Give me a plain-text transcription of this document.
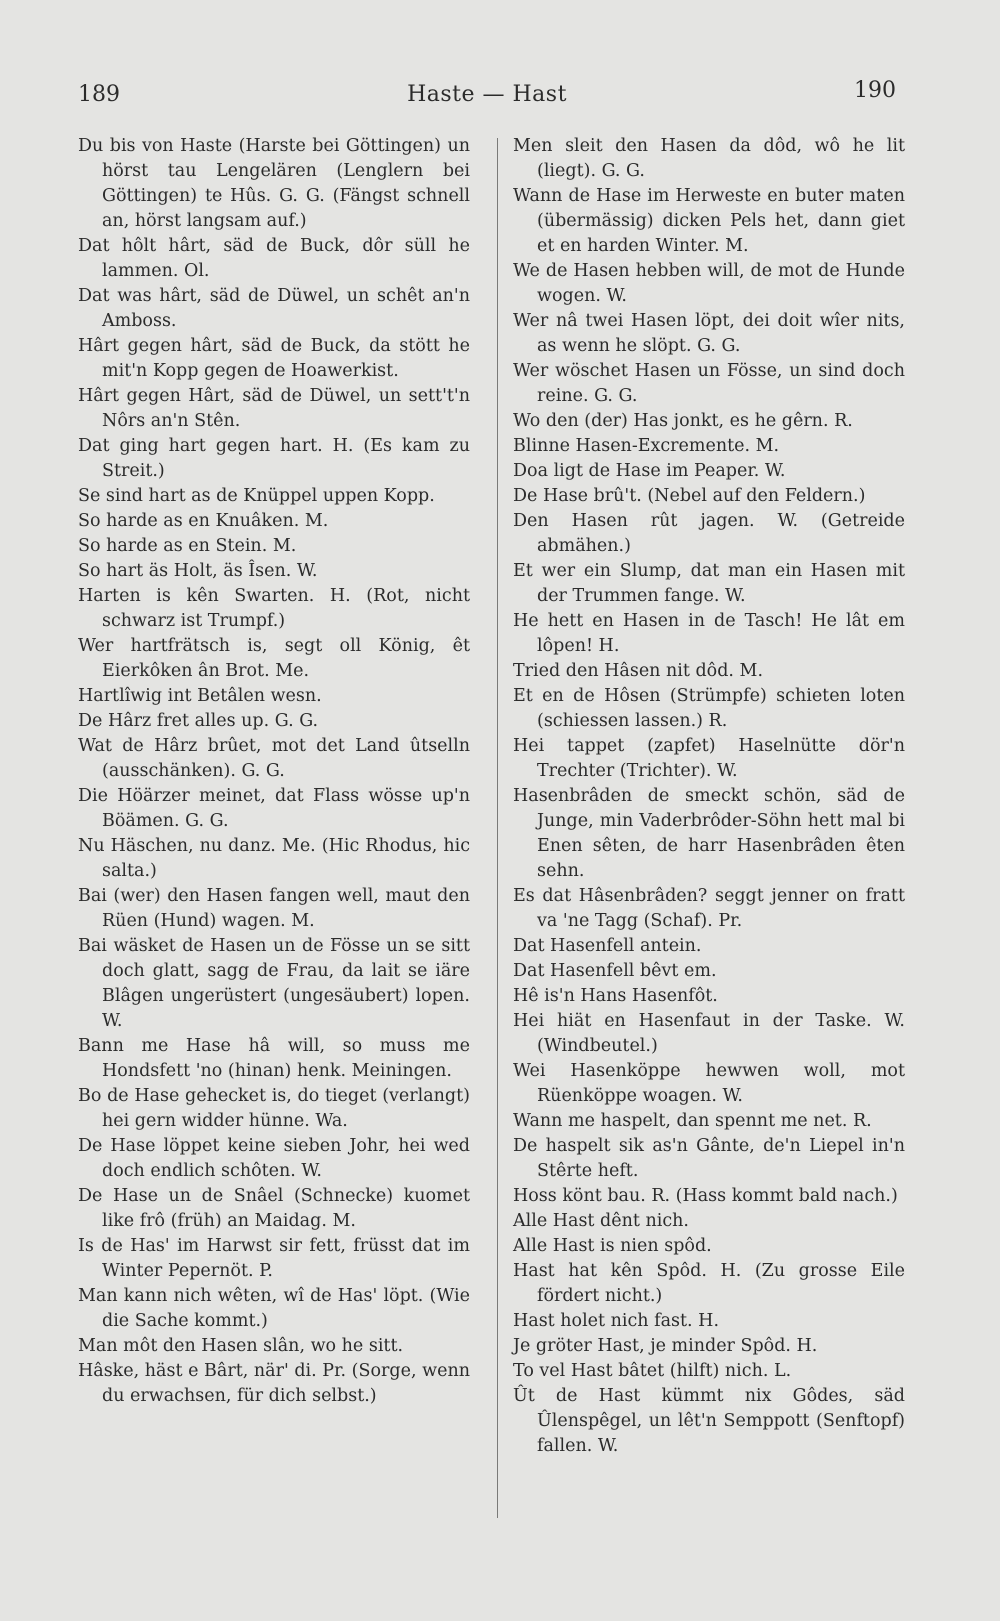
189	Haste — Hast	190

Du bis von Haste (Harste bei Göttingen) un hörst tau Lengelären (Lenglern bei Göttingen) te Hûs. G. G. (Fängst schnell an, hörst langsam auf.)

Dat hôlt hârt, säd de Buck, dôr süll he lammen. Ol.

Dat was hârt, säd de Düwel, un schêt an'n Amboss.

Hârt gegen hârt, säd de Buck, da stött he mit'n Kopp gegen de Hoawerkist.

Hârt gegen Hârt, säd de Düwel, un sett't'n Nôrs an'n Stên.

Dat ging hart gegen hart. H. (Es kam zu Streit.)

Se sind hart as de Knüppel uppen Kopp.

So harde as en Knuâken. M.

So harde as en Stein. M.

So hart äs Holt, äs Îsen. W.

Harten is kên Swarten. H. (Rot, nicht schwarz ist Trumpf.)

Wer hartfrätsch is, segt oll König, êt Eierkôken ân Brot. Me.

Hartlîwig int Betâlen wesn.

De Hârz fret alles up. G. G.

Wat de Hârz brûet, mot det Land ûtselln (ausschänken). G. G.

Die Höärzer meinet, dat Flass wösse up'n Böämen. G. G.

Nu Häschen, nu danz. Me. (Hic Rhodus, hic salta.)

Bai (wer) den Hasen fangen well, maut den Rüen (Hund) wagen. M.

Bai wäsket de Hasen un de Fösse un se sitt doch glatt, sagg de Frau, da lait se iäre Blâgen ungerüstert (ungesäubert) lopen. W.

Bann me Hase hâ will, so muss me Hondsfett 'no (hinan) henk. Meiningen.

Bo de Hase gehecket is, do tieget (verlangt) hei gern widder hünne. Wa.

De Hase löppet keine sieben Johr, hei wed doch endlich schôten. W.

De Hase un de Snâel (Schnecke) kuomet like frô (früh) an Maidag. M.

Is de Has' im Harwst sir fett, früsst dat im Winter Pepernöt. P.

Man kann nich wêten, wî de Has' löpt. (Wie die Sache kommt.)

Man môt den Hasen slân, wo he sitt.

Hâske, häst e Bârt, när' di. Pr. (Sorge, wenn du erwachsen, für dich selbst.)

Men sleit den Hasen da dôd, wô he lit (liegt). G. G.

Wann de Hase im Herweste en buter maten (übermässig) dicken Pels het, dann giet et en harden Winter. M.

We de Hasen hebben will, de mot de Hunde wogen. W.

Wer nâ twei Hasen löpt, dei doit wîer nits, as wenn he slöpt. G. G.

Wer wöschet Hasen un Fösse, un sind doch reine. G. G.

Wo den (der) Has jonkt, es he gêrn. R.

Blinne Hasen-Excremente. M.

Doa ligt de Hase im Peaper. W.

De Hase brû't. (Nebel auf den Feldern.)

Den Hasen rût jagen. W. (Getreide abmähen.)

Et wer ein Slump, dat man ein Hasen mit der Trummen fange. W.

He hett en Hasen in de Tasch! He lât em lôpen! H.

Tried den Hâsen nit dôd. M.

Et en de Hôsen (Strümpfe) schieten loten (schiessen lassen.) R.

Hei tappet (zapfet) Haselnütte dör'n Trechter (Trichter). W.

Hasenbrâden de smeckt schön, säd de Junge, min Vaderbrôder-Söhn hett mal bi Enen sêten, de harr Hasenbrâden êten sehn.

Es dat Hâsenbrâden? seggt jenner on fratt va 'ne Tagg (Schaf). Pr.

Dat Hasenfell antein.

Dat Hasenfell bêvt em.

Hê is'n Hans Hasenfôt.

Hei hiät en Hasenfaut in der Taske. W. (Windbeutel.)

Wei Hasenköppe hewwen woll, mot Rüenköppe woagen. W.

Wann me haspelt, dan spennt me net. R.

De haspelt sik as'n Gânte, de'n Liepel in'n Stêrte heft.

Hoss könt bau. R. (Hass kommt bald nach.)

Alle Hast dênt nich.

Alle Hast is nien spôd.

Hast hat kên Spôd. H. (Zu grosse Eile fördert nicht.)

Hast holet nich fast. H.

Je gröter Hast, je minder Spôd. H.

To vel Hast bâtet (hilft) nich. L.

Ût de Hast kümmt nix Gôdes, säd Ûlenspêgel, un lêt'n Semppott (Senftopf) fallen. W.
